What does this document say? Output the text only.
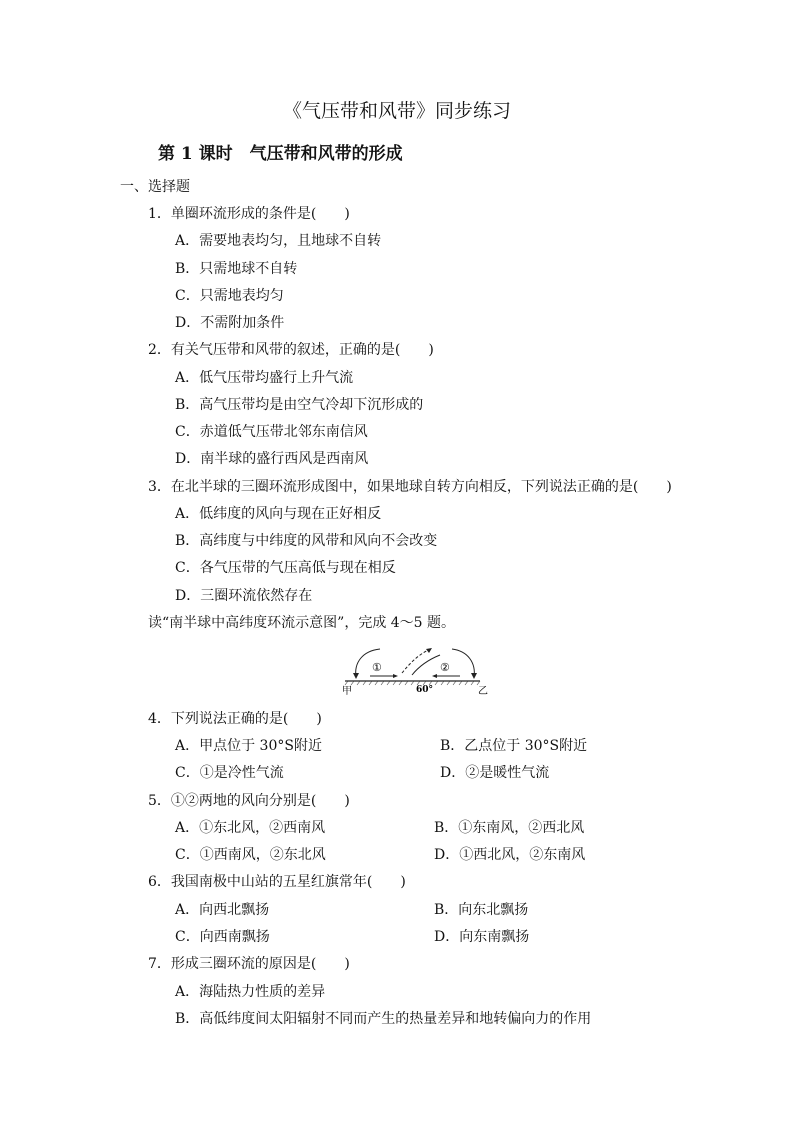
《气压带和风带》同步练习
第 1 课时　气压带和风带的形成
一、选择题
1．单圈环流形成的条件是(　　)
A．需要地表均匀，且地球不自转
B．只需地球不自转
C．只需地表均匀
D．不需附加条件
2．有关气压带和风带的叙述，正确的是(　　)
A．低气压带均盛行上升气流
B．高气压带均是由空气冷却下沉形成的
C．赤道低气压带北邻东南信风
D．南半球的盛行西风是西南风
3．在北半球的三圈环流形成图中，如果地球自转方向相反，下列说法正确的是(　　)
A．低纬度的风向与现在正好相反
B．高纬度与中纬度的风带和风向不会改变
C．各气压带的气压高低与现在相反
D．三圈环流依然存在
读“南半球中高纬度环流示意图”，完成 4～5 题。
①	②
甲	60°	乙
4．下列说法正确的是(　　)
A．甲点位于 30°S附近	B．乙点位于 30°S附近
C．①是冷性气流	D．②是暖性气流
5．①②两地的风向分别是(　　)
A．①东北风，②西南风	B．①东南风，②西北风
C．①西南风，②东北风	D．①西北风，②东南风
6．我国南极中山站的五星红旗常年(　　)
A．向西北飘扬	B．向东北飘扬
C．向西南飘扬	D．向东南飘扬
7．形成三圈环流的原因是(　　)
A．海陆热力性质的差异
B．高低纬度间太阳辐射不同而产生的热量差异和地转偏向力的作用
